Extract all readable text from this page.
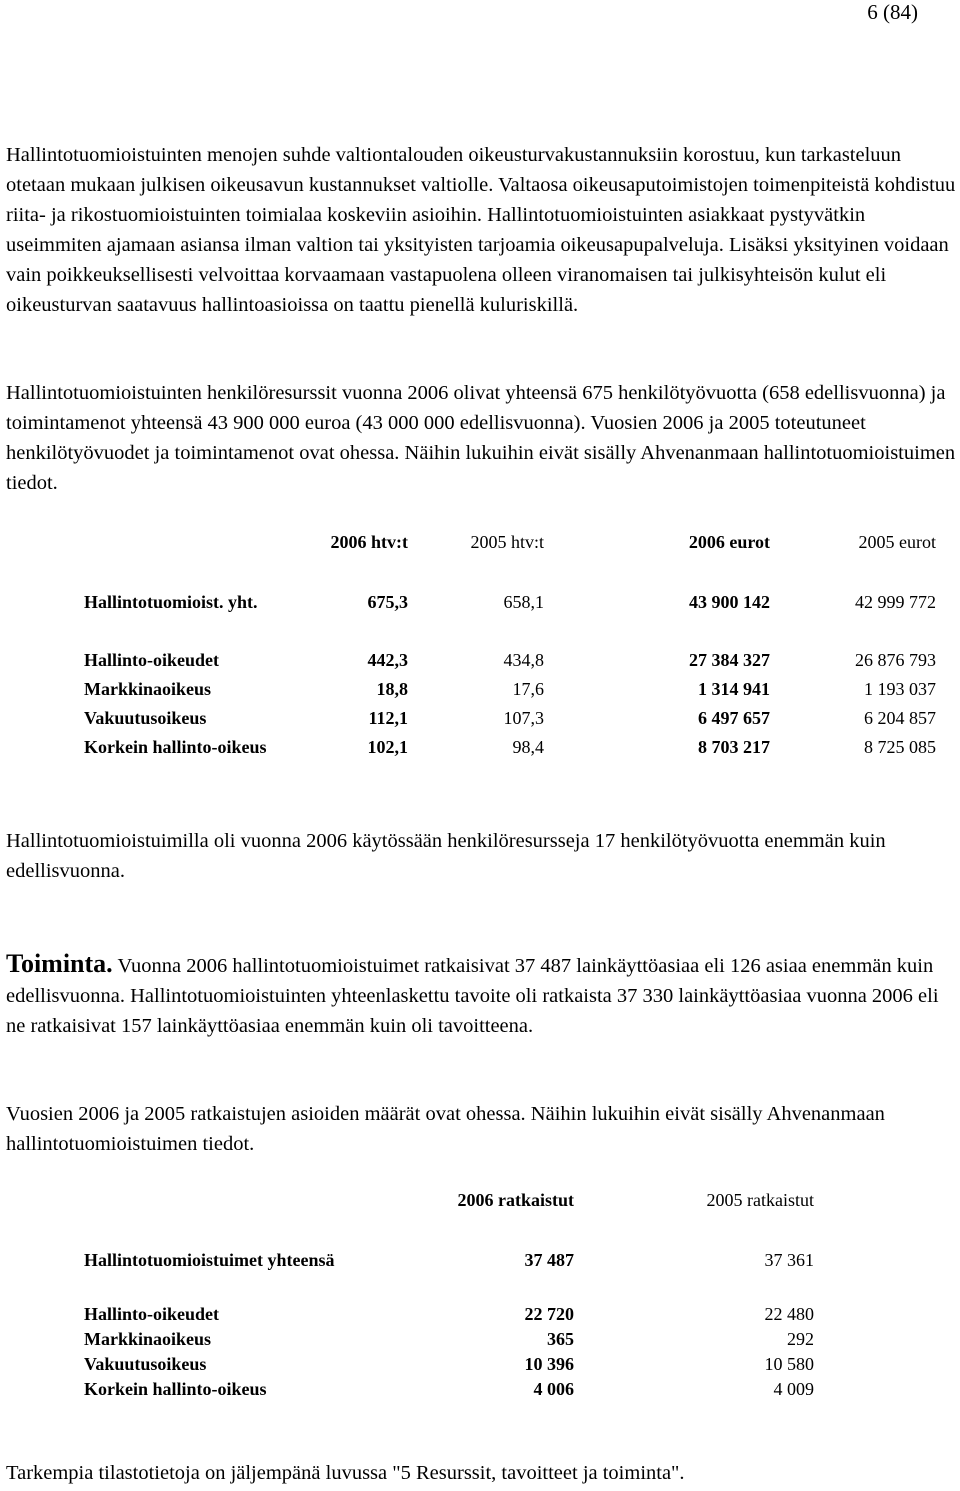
6 (84)

Hallintotuomioistuinten menojen suhde valtiontalouden oikeusturvakustannuksiin korostuu, kun tarkasteluun otetaan mukaan julkisen oikeusavun kustannukset valtiolle. Valtaosa oikeusaputoimistojen toimenpiteistä kohdistuu riita- ja rikostuomioistuinten toimialaa koskeviin asioihin. Hallintotuomioistuinten asiakkaat pystyvätkin useimmiten ajamaan asiansa ilman valtion tai yksityisten tarjoamia oikeusapupalveluja. Lisäksi yksityinen voidaan vain poikkeuksellisesti velvoittaa korvaamaan vastapuolena olleen viranomaisen tai julkisyhteisön kulut eli oikeusturvan saatavuus hallintoasioissa on taattu pienellä kuluriskillä.

Hallintotuomioistuinten henkilöresurssit vuonna 2006 olivat yhteensä 675 henkilötyövuotta (658 edellisvuonna) ja toimintamenot yhteensä 43 900 000 euroa (43 000 000 edellisvuonna). Vuosien 2006 ja 2005 toteutuneet henkilötyövuodet ja toimintamenot ovat ohessa. Näihin lukuihin eivät sisälly Ahvenanmaan hallintotuomioistuimen tiedot.

2006 htv:t	2005 htv:t	2006 eurot	2005 eurot
Hallintotuomioist. yht.	675,3	658,1	43 900 142	42 999 772
Hallinto-oikeudet	442,3	434,8	27 384 327	26 876 793
Markkinaoikeus	18,8	17,6	1 314 941	1 193 037
Vakuutusoikeus	112,1	107,3	6 497 657	6 204 857
Korkein hallinto-oikeus	102,1	98,4	8 703 217	8 725 085

Hallintotuomioistuimilla oli vuonna 2006 käytössään henkilöresursseja 17 henkilötyövuotta enemmän kuin edellisvuonna.

Toiminta. Vuonna 2006 hallintotuomioistuimet ratkaisivat 37 487 lainkäyttöasiaa eli 126 asiaa enemmän kuin edellisvuonna. Hallintotuomioistuinten yhteenlaskettu tavoite oli ratkaista 37 330 lainkäyttöasiaa vuonna 2006 eli ne ratkaisivat 157 lainkäyttöasiaa enemmän kuin oli tavoitteena.

Vuosien 2006 ja 2005 ratkaistujen asioiden määrät ovat ohessa. Näihin lukuihin eivät sisälly Ahvenanmaan hallintotuomioistuimen tiedot.

2006 ratkaistut	2005 ratkaistut
Hallintotuomioistuimet yhteensä	37 487	37 361
Hallinto-oikeudet	22 720	22 480
Markkinaoikeus	365	292
Vakuutusoikeus	10 396	10 580
Korkein hallinto-oikeus	4 006	4 009

Tarkempia tilastotietoja on jäljempänä luvussa "5 Resurssit, tavoitteet ja toiminta".
